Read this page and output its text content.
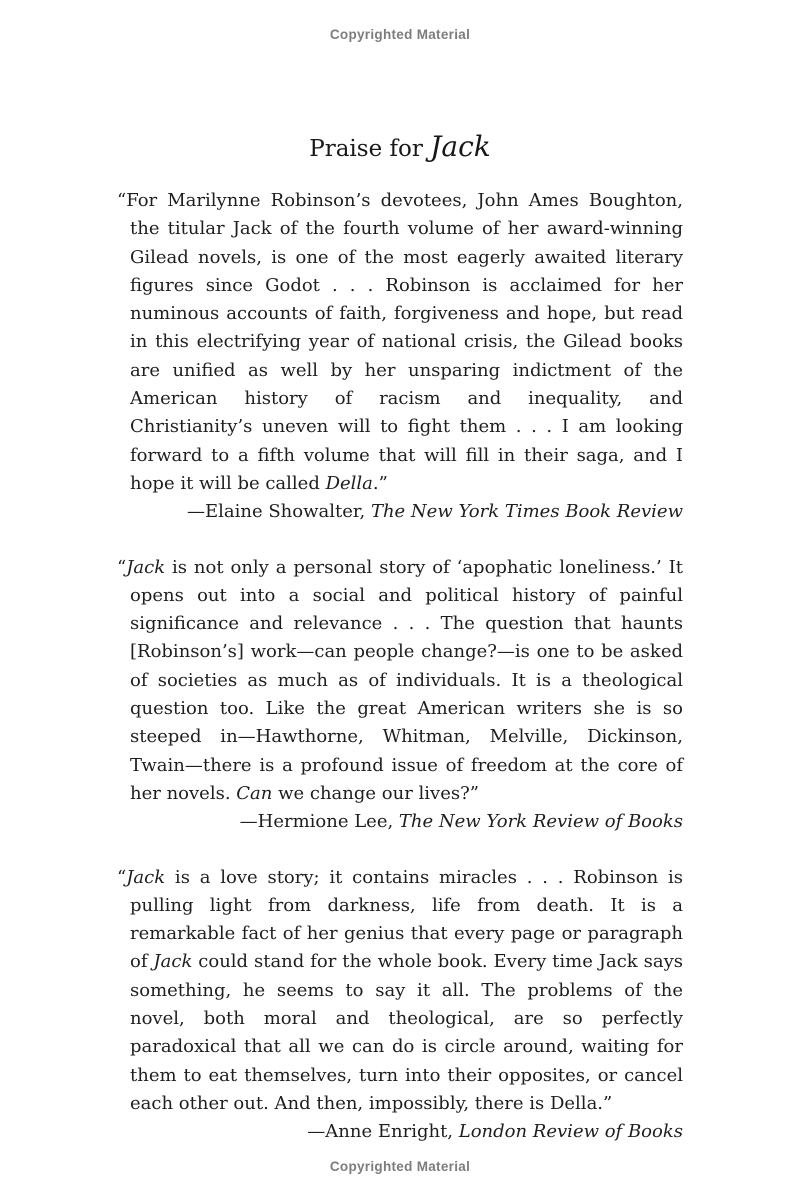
Copyrighted Material
Praise for Jack
“For Marilynne Robinson’s devotees, John Ames Boughton, the titular Jack of the fourth volume of her award-winning Gilead novels, is one of the most eagerly awaited literary figures since Godot . . . Robinson is acclaimed for her numinous accounts of faith, forgiveness and hope, but read in this electrifying year of national crisis, the Gilead books are unified as well by her unsparing indictment of the American history of racism and inequality, and Christianity’s uneven will to fight them . . . I am looking forward to a fifth volume that will fill in their saga, and I hope it will be called Della.”
—Elaine Showalter, The New York Times Book Review
“Jack is not only a personal story of ‘apophatic loneliness.’ It opens out into a social and political history of painful significance and relevance . . . The question that haunts [Robinson’s] work—can people change?—is one to be asked of societies as much as of individuals. It is a theological question too. Like the great American writers she is so steeped in—Hawthorne, Whitman, Melville, Dickinson, Twain—there is a profound issue of freedom at the core of her novels. Can we change our lives?”
—Hermione Lee, The New York Review of Books
“Jack is a love story; it contains miracles . . . Robinson is pulling light from darkness, life from death. It is a remarkable fact of her genius that every page or paragraph of Jack could stand for the whole book. Every time Jack says something, he seems to say it all. The problems of the novel, both moral and theological, are so perfectly paradoxical that all we can do is circle around, waiting for them to eat themselves, turn into their opposites, or cancel each other out. And then, impossibly, there is Della.”
—Anne Enright, London Review of Books
Copyrighted Material
